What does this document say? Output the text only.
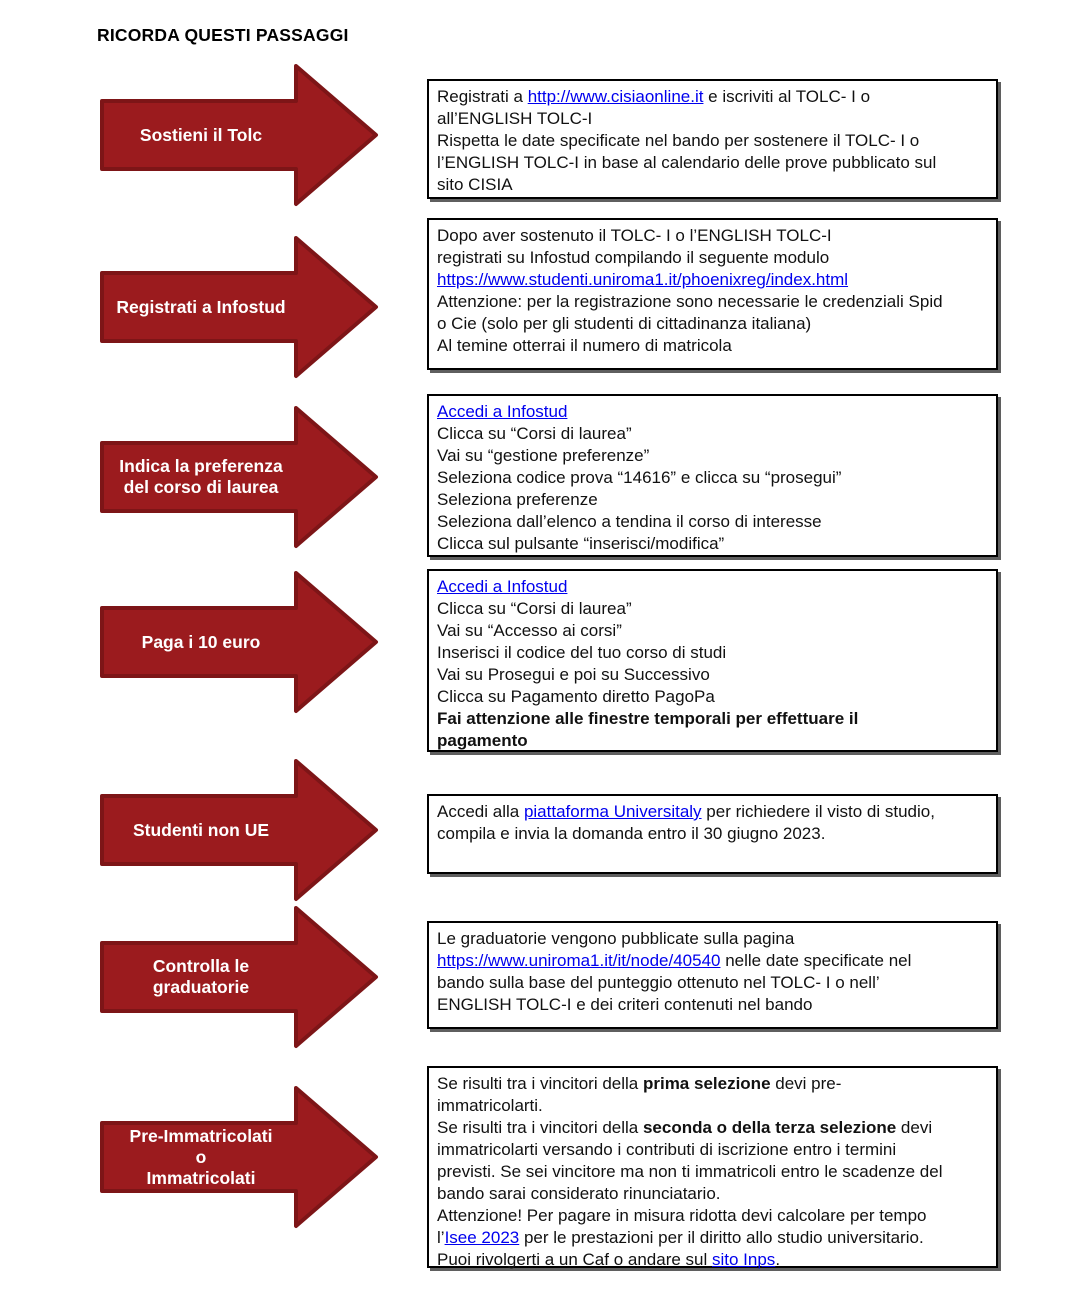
RICORDA QUESTI PASSAGGI
Sostieni il Tolc
Registrati a http://www.cisiaonline.it e iscriviti al TOLC- I o
all’ENGLISH TOLC-I
Rispetta le date specificate nel bando per sostenere il TOLC- I o
l’ENGLISH TOLC-I in base al calendario delle prove pubblicato sul
sito CISIA
Registrati a Infostud
Dopo aver sostenuto il TOLC- I o l’ENGLISH TOLC-I
registrati su Infostud compilando il seguente modulo
https://www.studenti.uniroma1.it/phoenixreg/index.html
Attenzione: per la registrazione sono necessarie le credenziali Spid
o Cie (solo per gli studenti di cittadinanza italiana)
Al temine otterrai il numero di matricola
Indica la preferenza
del corso di laurea
Accedi a Infostud
Clicca su “Corsi di laurea”
Vai su “gestione preferenze”
Seleziona codice prova “14616” e clicca su “prosegui”
Seleziona preferenze
Seleziona dall’elenco a tendina il corso di interesse
Clicca sul pulsante “inserisci/modifica”
Paga i 10 euro
Accedi a Infostud
Clicca su “Corsi di laurea”
Vai su “Accesso ai corsi”
Inserisci il codice del tuo corso di studi
Vai su Prosegui e poi su Successivo
Clicca su Pagamento diretto PagoPa
Fai attenzione alle finestre temporali per effettuare il
pagamento
Studenti non UE
Accedi alla piattaforma Universitaly per richiedere il visto di studio,
compila e invia la domanda entro il 30 giugno 2023.
Controlla le
graduatorie
Le graduatorie vengono pubblicate sulla pagina
https://www.uniroma1.it/it/node/40540 nelle date specificate nel
bando sulla base del punteggio ottenuto nel TOLC- I o nell’
ENGLISH TOLC-I e dei criteri contenuti nel bando
Pre-Immatricolati
o
Immatricolati
Se risulti tra i vincitori della prima selezione devi pre-
immatricolarti.
Se risulti tra i vincitori della seconda o della terza selezione devi
immatricolarti versando i contributi di iscrizione entro i termini
previsti. Se sei vincitore ma non ti immatricoli entro le scadenze del
bando sarai considerato rinunciatario.
Attenzione! Per pagare in misura ridotta devi calcolare per tempo
l’Isee 2023 per le prestazioni per il diritto allo studio universitario.
Puoi rivolgerti a un Caf o andare sul sito Inps.
